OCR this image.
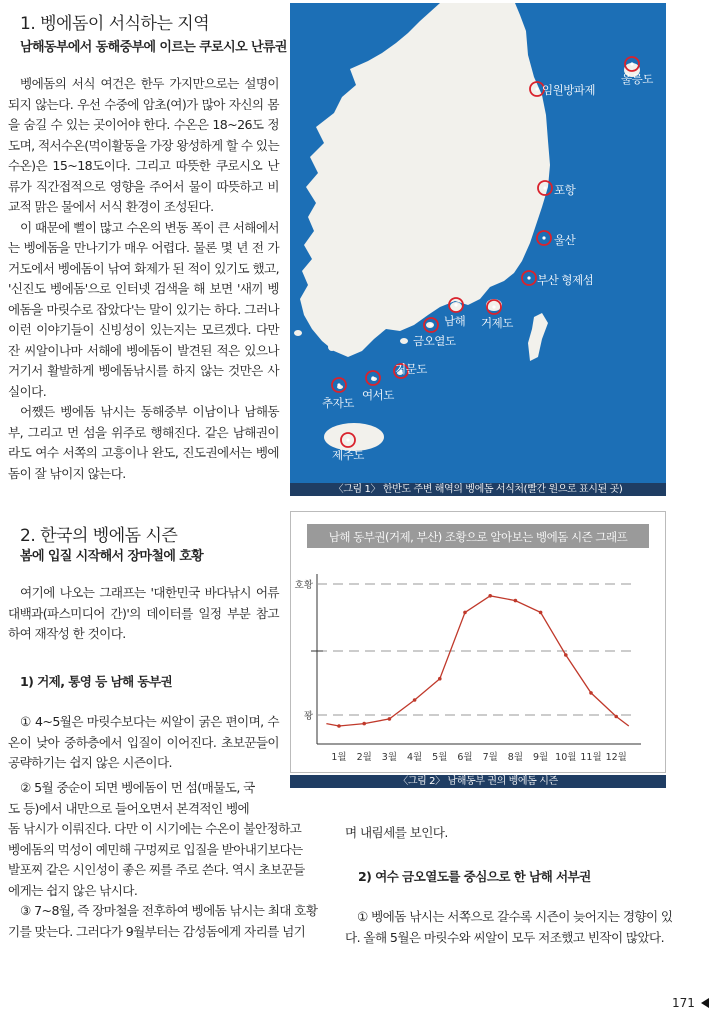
1. 벵에돔이 서식하는 지역
남해동부에서 동해중부에 이르는 쿠로시오 난류권

벵에돔의 서식 여건은 한두 가지만으로는 설명이 되지 않는다. 우선 수중에 암초(여)가 많아 자신의 몸을 숨길 수 있는 곳이어야 한다. 수온은 18~26도 정도며, 적서수온(먹이활동을 가장 왕성하게 할 수 있는 수온)은 15~18도이다. 그리고 따뜻한 쿠로시오 난류가 직간접적으로 영향을 주어서 물이 따뜻하고 비교적 맑은 물에서 서식 환경이 조성된다.

이 때문에 뻘이 많고 수온의 변동 폭이 큰 서해에서는 벵에돔을 만나기가 매우 어렵다. 물론 몇 년 전 가거도에서 벵에돔이 낚여 화제가 된 적이 있기도 했고, '신진도 벵에돔'으로 인터넷 검색을 해 보면 '새끼 벵에돔을 마릿수로 잡았다'는 말이 있기는 하다. 그러나 이런 이야기들이 신빙성이 있는지는 모르겠다. 다만 잔 씨알이나마 서해에 벵에돔이 발견된 적은 있으나 거기서 활발하게 벵에돔낚시를 하지 않는 것만은 사실이다.

어쨌든 벵에돔 낚시는 동해중부 이남이나 남해동부, 그리고 먼 섬을 위주로 행해진다. 같은 남해권이라도 여수 서쪽의 고흥이나 완도, 진도권에서는 벵에돔이 잘 낚이지 않는다.

2. 한국의 벵에돔 시즌
봄에 입질 시작해서 장마철에 호황

여기에 나오는 그래프는 '대한민국 바다낚시 어류대백과(파스미디어 간)'의 데이터를 일정 부분 참고하여 재작성 한 것이다.

1) 거제, 통영 등 남해 동부권

① 4~5월은 마릿수보다는 씨알이 굵은 편이며, 수온이 낮아 중하층에서 입질이 이어진다. 초보꾼들이 공략하기는 쉽지 않은 시즌이다.

② 5월 중순이 되면 벵에돔이 먼 섬(매물도, 국
도 등)에서 내만으로 들어오면서 본격적인 벵에
돔 낚시가 이뤄진다. 다만 이 시기에는 수온이 불안정하고
벵에돔의 먹성이 예민해 구멍찌로 입질을 받아내기보다는
발포찌 같은 시인성이 좋은 찌를 주로 쓴다. 역시 초보꾼들
에게는 쉽지 않은 낚시다.
③ 7~8월, 즉 장마철을 전후하여 벵에돔 낚시는 최대 호황
기를 맞는다. 그러다가 9월부터는 감성돔에게 자리를 넘기
며 내림세를 보인다.
2) 여수 금오열도를 중심으로 한 남해 서부권
① 벵에돔 낚시는 서쪽으로 갈수록 시즌이 늦어지는 경향이 있
다. 올해 5월은 마릿수와 씨알이 모두 저조했고 빈작이 많았다.
울릉도
임원방파제
포항
울산
부산 형제섬
남해 거제도
금오열도
거문도
여서도
추자도
제주도
〈그림 1〉 한반도 주변 해역의 벵에돔 서식처(빨간 원으로 표시된 곳)
남해 동부권(거제, 부산) 조황으로 알아보는 벵에돔 시즌 그래프
호황
꽝
1월 2월 3월 4월 5월 6월 7월 8월 9월 10월 11월 12월
〈그림 2〉 남해동부 권의 벵에돔 시즌
171
